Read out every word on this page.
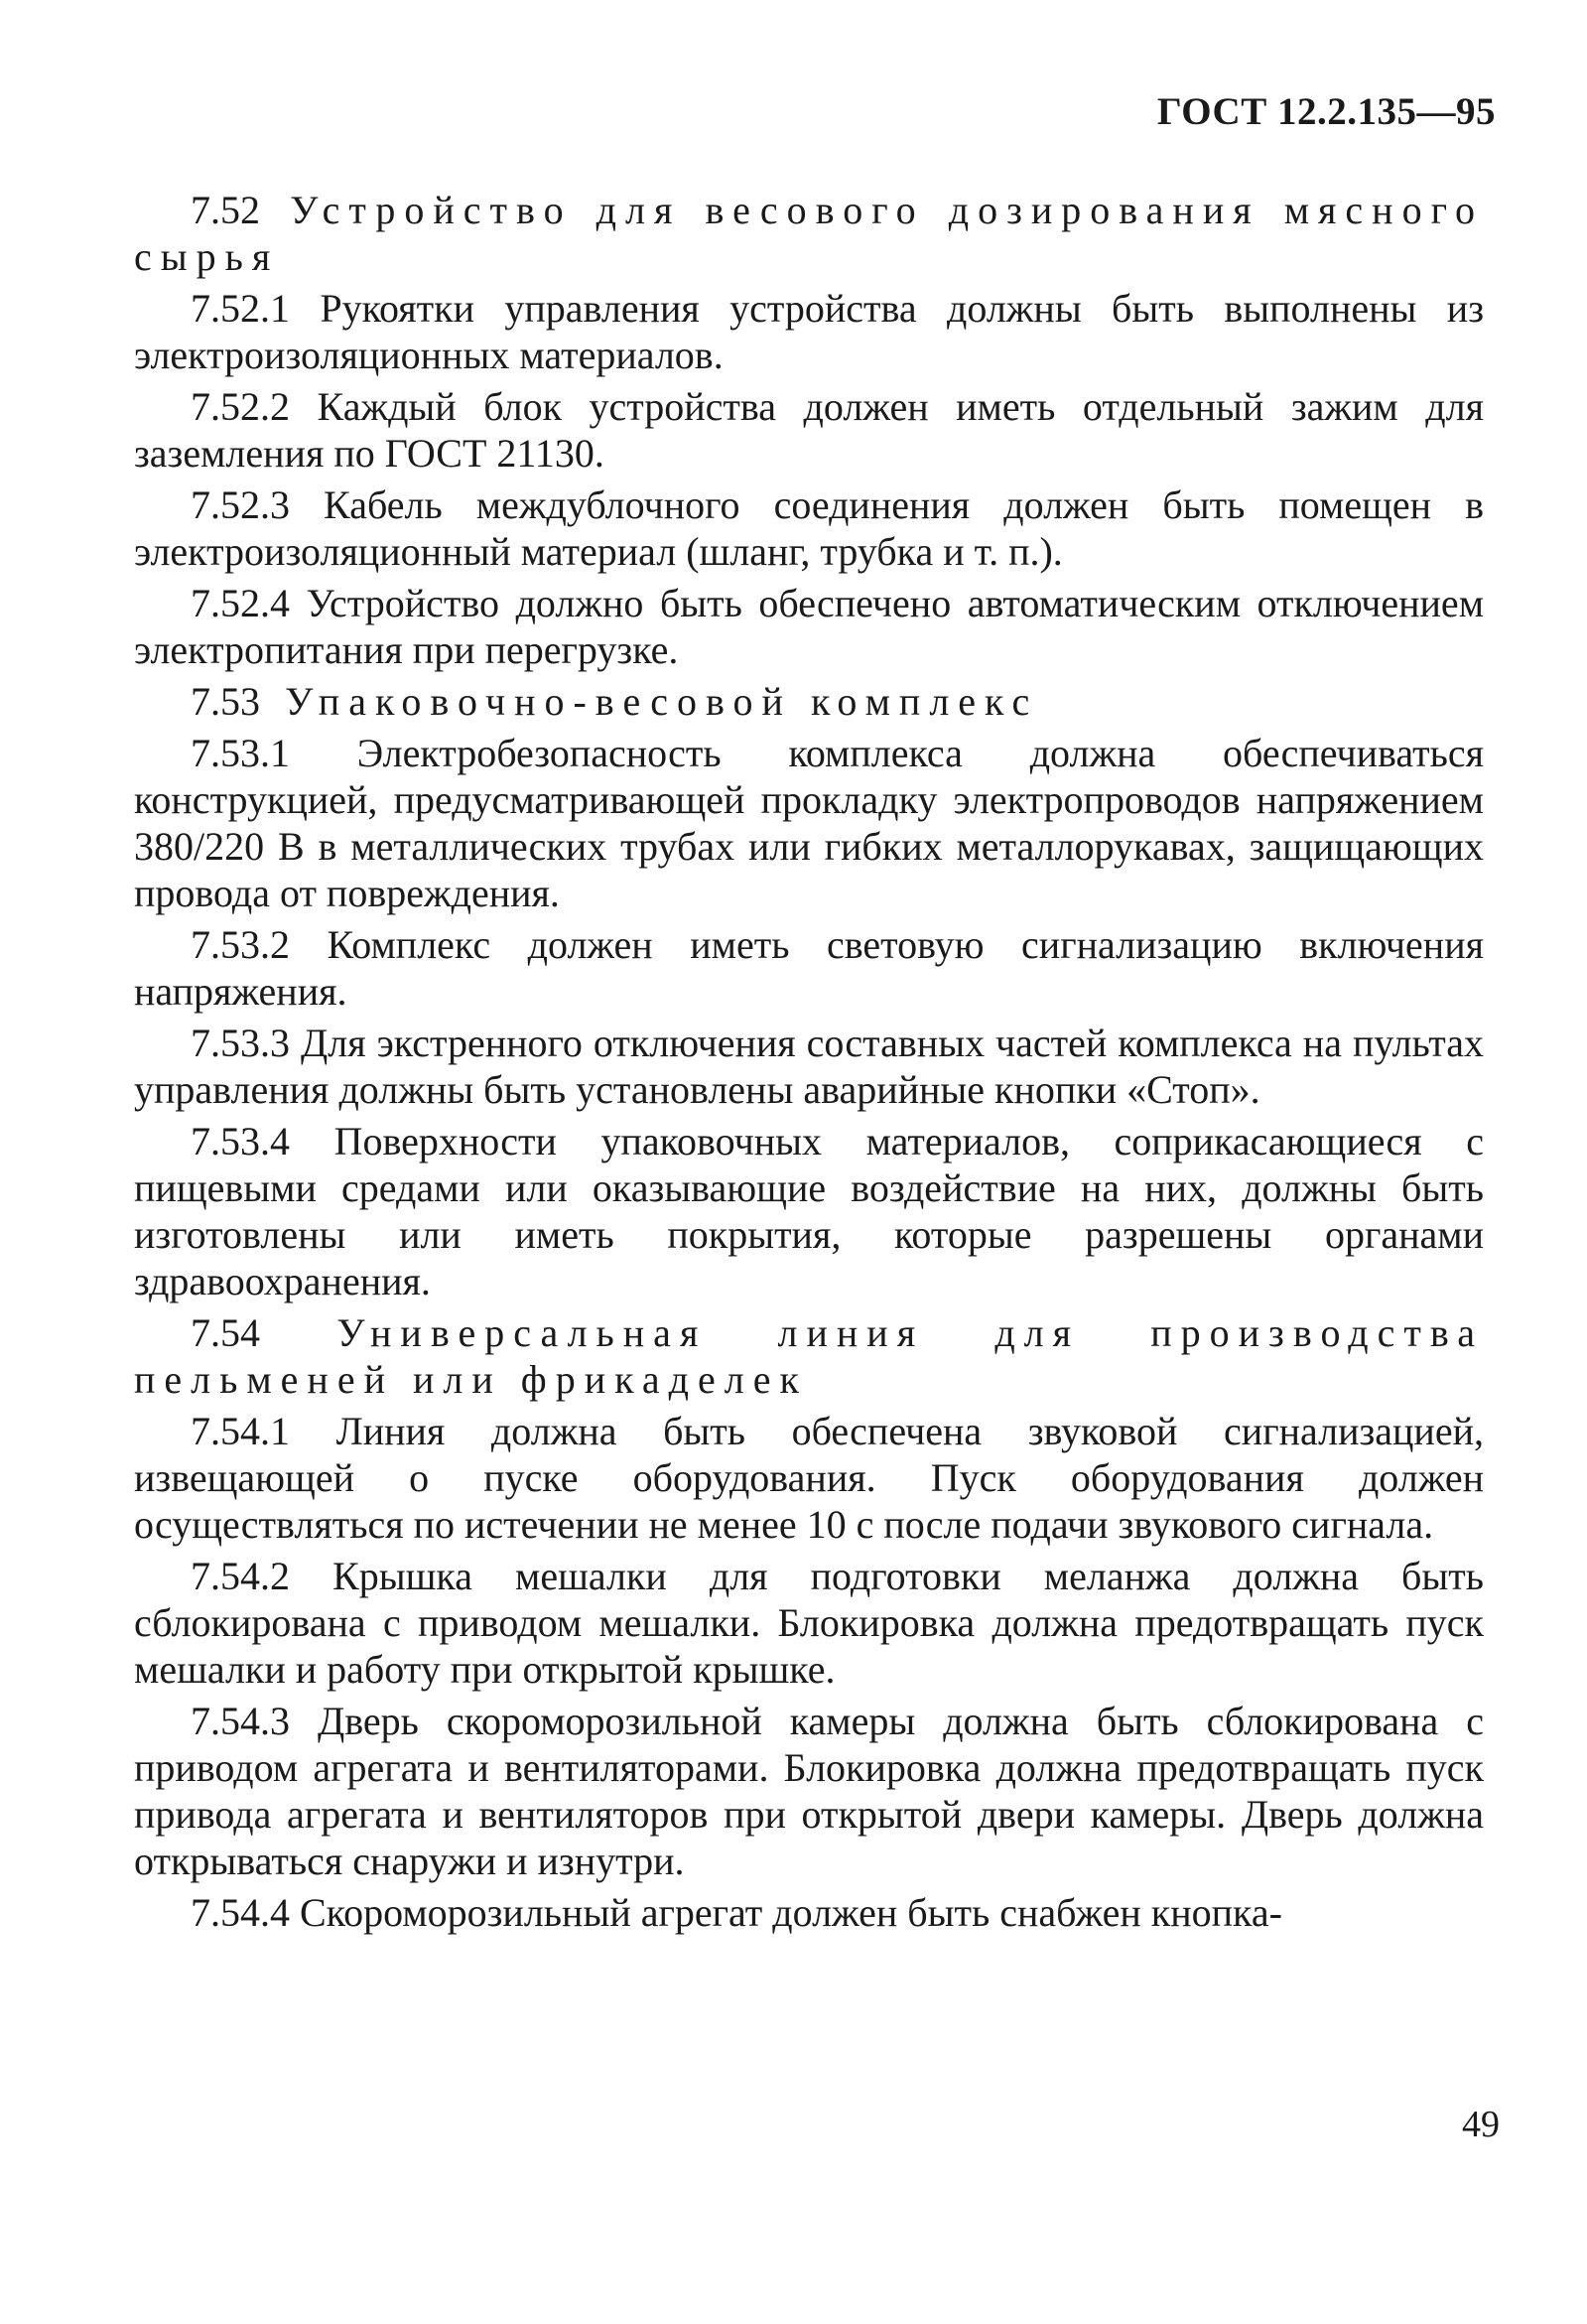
ГОСТ 12.2.135—95

7.52 Устройство для весового дозирования мясного сырья

7.52.1 Рукоятки управления устройства должны быть выполнены из электроизоляционных материалов.

7.52.2 Каждый блок устройства должен иметь отдельный зажим для заземления по ГОСТ 21130.

7.52.3 Кабель междублочного соединения должен быть помещен в электроизоляционный материал (шланг, трубка и т. п.).

7.52.4 Устройство должно быть обеспечено автоматическим отключением электропитания при перегрузке.

7.53 Упаковочно-весовой комплекс

7.53.1 Электробезопасность комплекса должна обеспечиваться конструкцией, предусматривающей прокладку электропроводов напряжением 380/220 В в металлических трубах или гибких металлорукавах, защищающих провода от повреждения.

7.53.2 Комплекс должен иметь световую сигнализацию включения напряжения.

7.53.3 Для экстренного отключения составных частей комплекса на пультах управления должны быть установлены аварийные кнопки «Стоп».

7.53.4 Поверхности упаковочных материалов, соприкасающиеся с пищевыми средами или оказывающие воздействие на них, должны быть изготовлены или иметь покрытия, которые разрешены органами здравоохранения.

7.54 Универсальная линия для производства пельменей или фрикаделек

7.54.1 Линия должна быть обеспечена звуковой сигнализацией, извещающей о пуске оборудования. Пуск оборудования должен осуществляться по истечении не менее 10 с после подачи звукового сигнала.

7.54.2 Крышка мешалки для подготовки меланжа должна быть сблокирована с приводом мешалки. Блокировка должна предотвращать пуск мешалки и работу при открытой крышке.

7.54.3 Дверь скороморозильной камеры должна быть сблокирована с приводом агрегата и вентиляторами. Блокировка должна предотвращать пуск привода агрегата и вентиляторов при открытой двери камеры. Дверь должна открываться снаружи и изнутри.

7.54.4 Скороморозильный агрегат должен быть снабжен кнопка-

49
